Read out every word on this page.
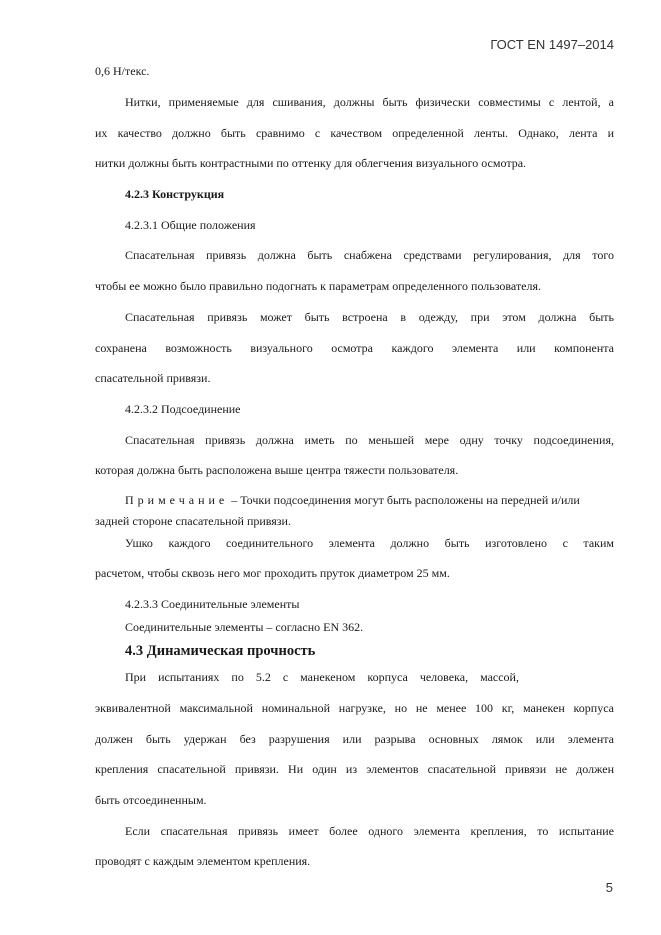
ГОСТ EN 1497–2014
0,6 Н/текс.
Нитки, применяемые для сшивания, должны быть физически совместимы с лентой, а
их качество должно быть сравнимо с качеством определенной ленты. Однако, лента и
нитки должны быть контрастными по оттенку для облегчения визуального осмотра.
4.2.3 Конструкция
4.2.3.1 Общие положения
Спасательная привязь должна быть снабжена средствами регулирования, для того
чтобы ее можно было правильно подогнать к параметрам определенного пользователя.
Спасательная привязь может быть встроена в одежду, при этом должна быть
сохранена возможность визуального осмотра каждого элемента или компонента
спасательной привязи.
4.2.3.2 Подсоединение
Спасательная привязь должна иметь по меньшей мере одну точку подсоединения,
которая должна быть расположена выше центра тяжести пользователя.
Примечание – Точки подсоединения могут быть расположены на передней и/или
задней стороне спасательной привязи.
Ушко каждого соединительного элемента должно быть изготовлено с таким
расчетом, чтобы сквозь него мог проходить пруток диаметром 25 мм.
4.2.3.3 Соединительные элементы
Соединительные элементы – согласно EN 362.
4.3 Динамическая прочность
При испытаниях по 5.2 с манекеном корпуса человека, массой,
эквивалентной максимальной номинальной нагрузке, но не менее 100 кг, манекен корпуса
должен быть удержан без разрушения или разрыва основных лямок или элемента
крепления спасательной привязи. Ни один из элементов спасательной привязи не должен
быть отсоединенным.
Если спасательная привязь имеет более одного элемента крепления, то испытание
проводят с каждым элементом крепления.
5
